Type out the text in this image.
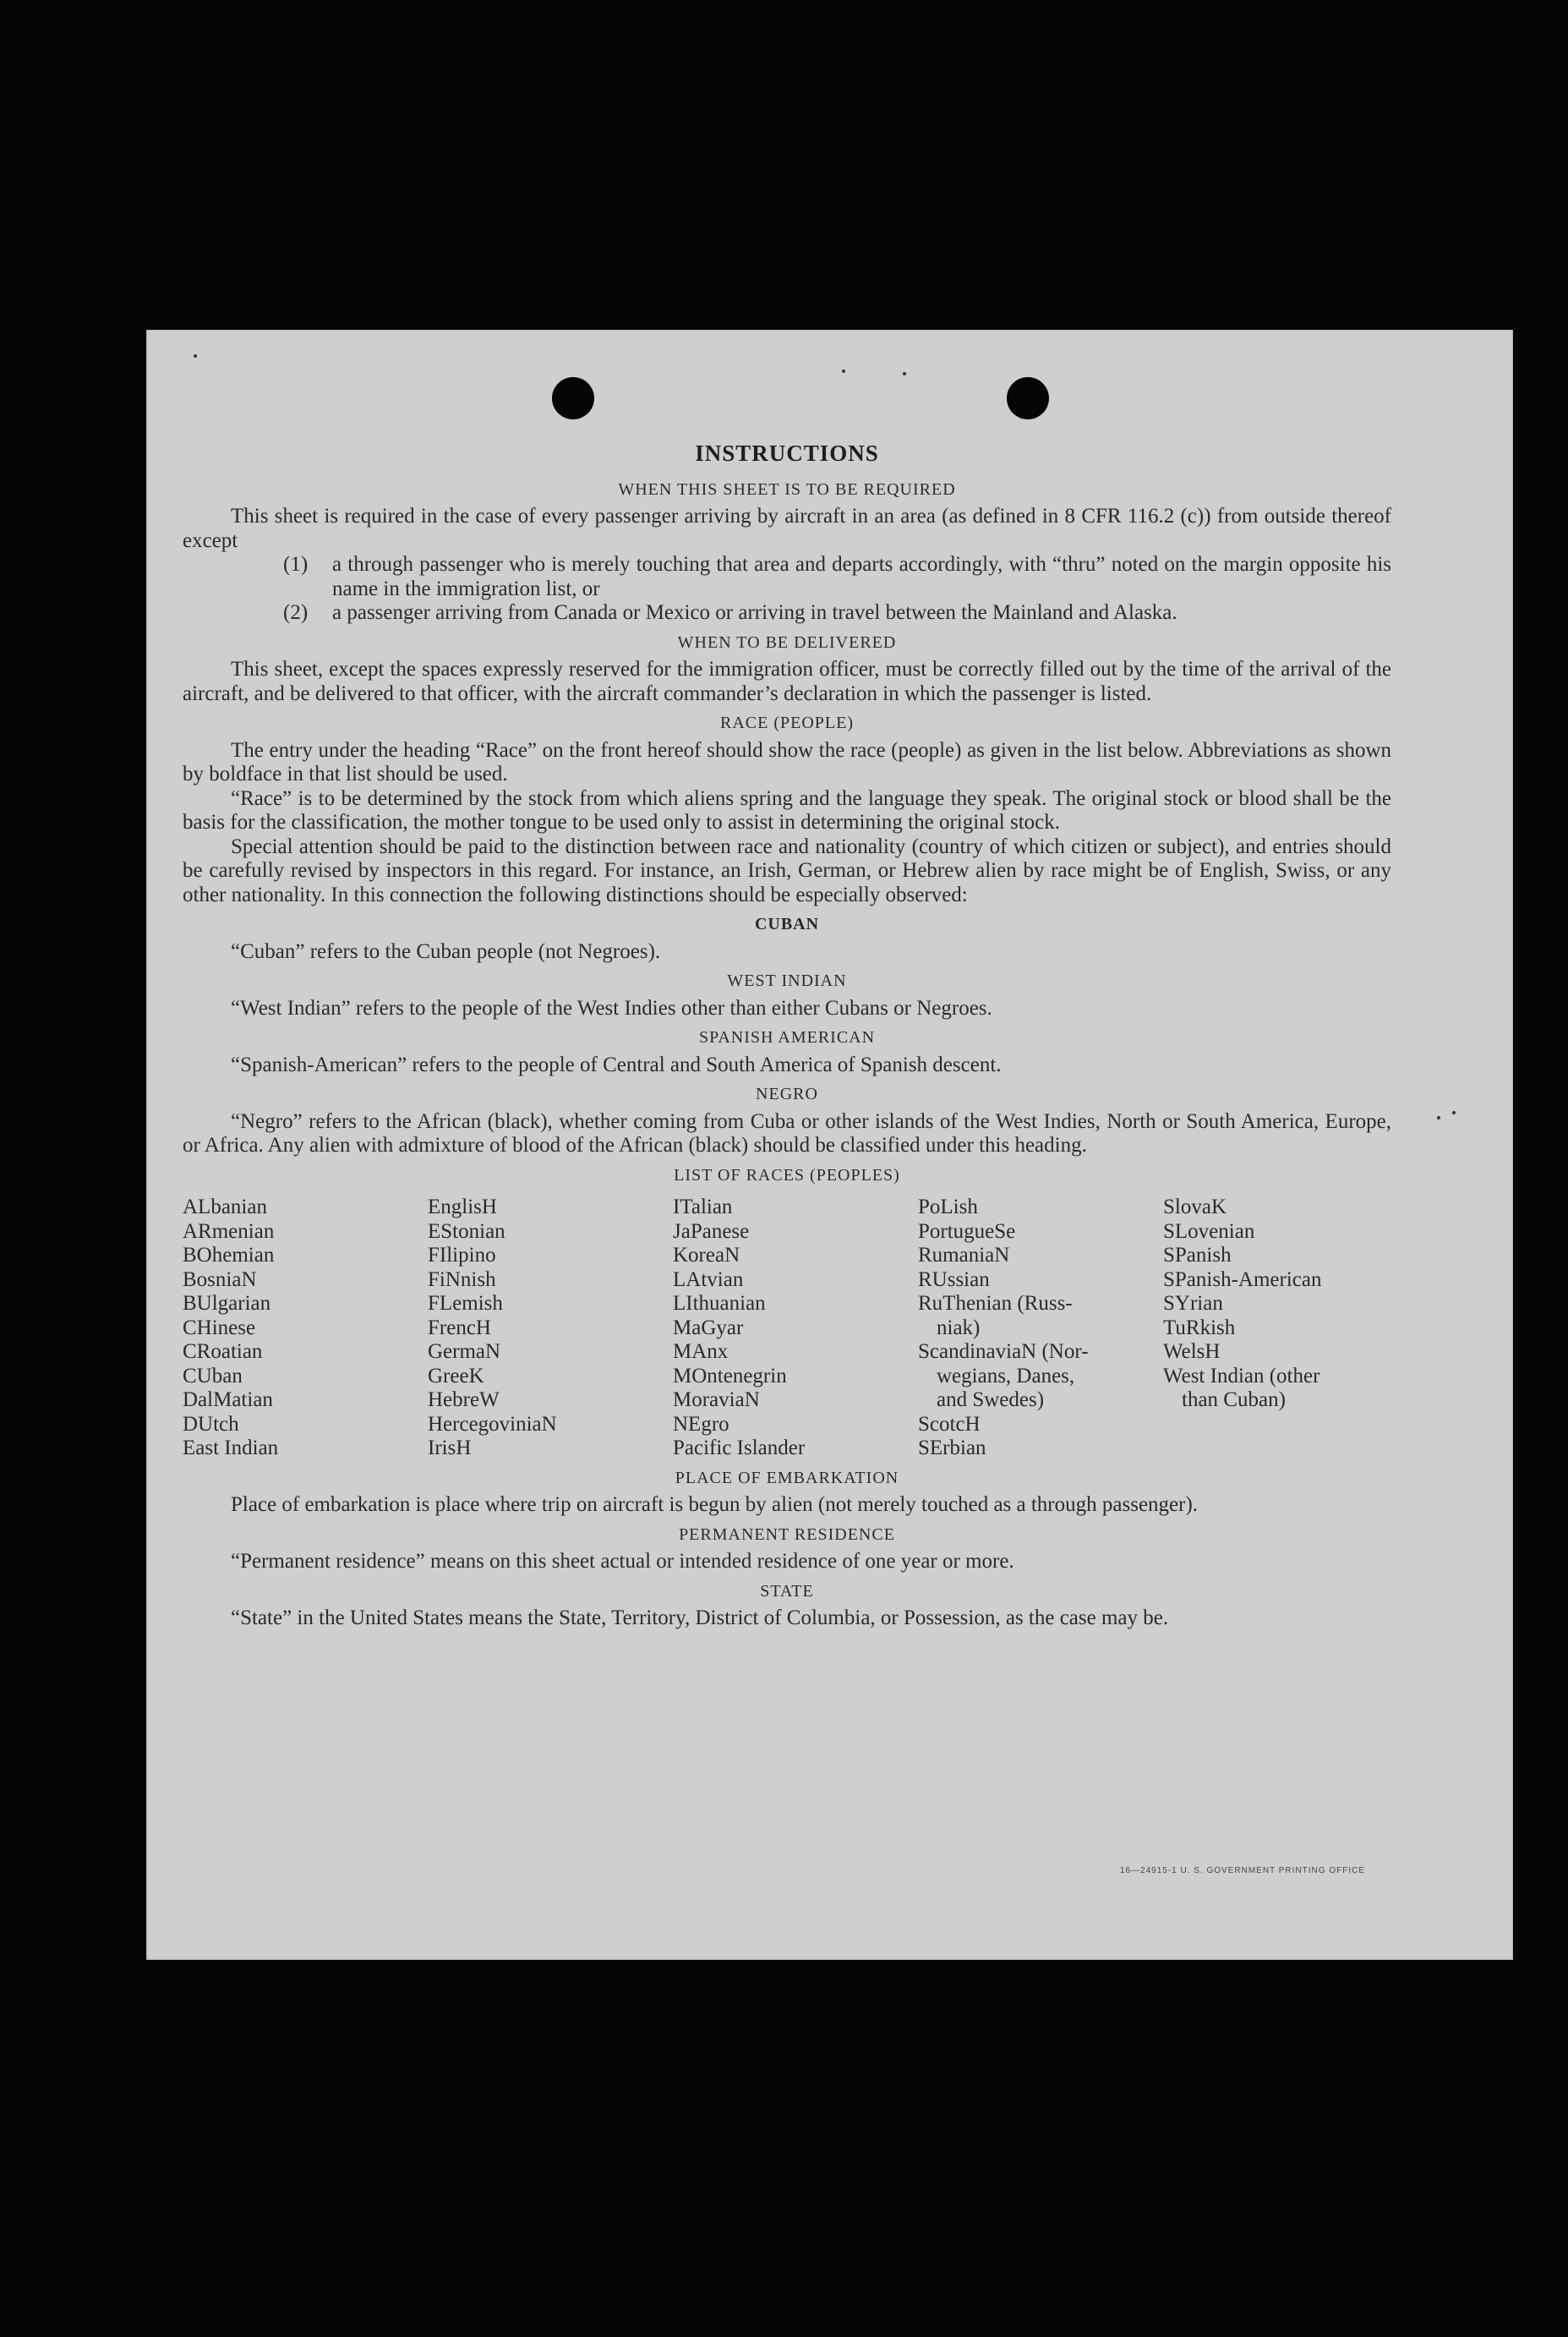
INSTRUCTIONS
WHEN THIS SHEET IS TO BE REQUIRED

This sheet is required in the case of every passenger arriving by aircraft in an area (as defined in 8 CFR 116.2 (c)) from outside thereof except

(1)	a through passenger who is merely touching that area and departs accordingly, with “thru” noted on the margin opposite his name in the immigration list, or
(2)	a passenger arriving from Canada or Mexico or arriving in travel between the Mainland and Alaska.
WHEN TO BE DELIVERED

This sheet, except the spaces expressly reserved for the immigration officer, must be correctly filled out by the time of the arrival of the aircraft, and be delivered to that officer, with the aircraft commander’s declaration in which the passenger is listed.

RACE (PEOPLE)

The entry under the heading “Race” on the front hereof should show the race (people) as given in the list below. Abbreviations as shown by boldface in that list should be used.

“Race” is to be determined by the stock from which aliens spring and the language they speak. The original stock or blood shall be the basis for the classification, the mother tongue to be used only to assist in determining the original stock.

Special attention should be paid to the distinction between race and nationality (country of which citizen or subject), and entries should be carefully revised by inspectors in this regard. For instance, an Irish, German, or Hebrew alien by race might be of English, Swiss, or any other nationality. In this connection the following distinctions should be especially observed:

CUBAN

“Cuban” refers to the Cuban people (not Negroes).

WEST INDIAN

“West Indian” refers to the people of the West Indies other than either Cubans or Negroes.

SPANISH AMERICAN

“Spanish-American” refers to the people of Central and South America of Spanish descent.

NEGRO

“Negro” refers to the African (black), whether coming from Cuba or other islands of the West Indies, North or South America, Europe, or Africa. Any alien with admixture of blood of the African (black) should be classified under this heading.

LIST OF RACES (PEOPLES)
ALbanian
ARmenian
BOhemian
BosniaN
BUlgarian
CHinese
CRoatian
CUban
DalMatian
DUtch
East Indian
EnglisH
EStonian
FIlipino
FiNnish
FLemish
FrencH
GermaN
GreeK
HebreW
HercegoviniaN
IrisH
ITalian
JaPanese
KoreaN
LAtvian
LIthuanian
MaGyar
MAnx
MOntenegrin
MoraviaN
NEgro
Pacific Islander
PoLish
PortugueSe
RumaniaN
RUssian
RuThenian (Russ-
niak)
ScandinaviaN (Nor-
wegians, Danes,
and Swedes)
ScotcH
SErbian
SlovaK
SLovenian
SPanish
SPanish-American
SYrian
TuRkish
WelsH
West Indian (other
than Cuban)
PLACE OF EMBARKATION

Place of embarkation is place where trip on aircraft is begun by alien (not merely touched as a through passenger).

PERMANENT RESIDENCE

“Permanent residence” means on this sheet actual or intended residence of one year or more.

STATE

“State” in the United States means the State, Territory, District of Columbia, or Possession, as the case may be.

16—24915-1 U. S. GOVERNMENT PRINTING OFFICE
